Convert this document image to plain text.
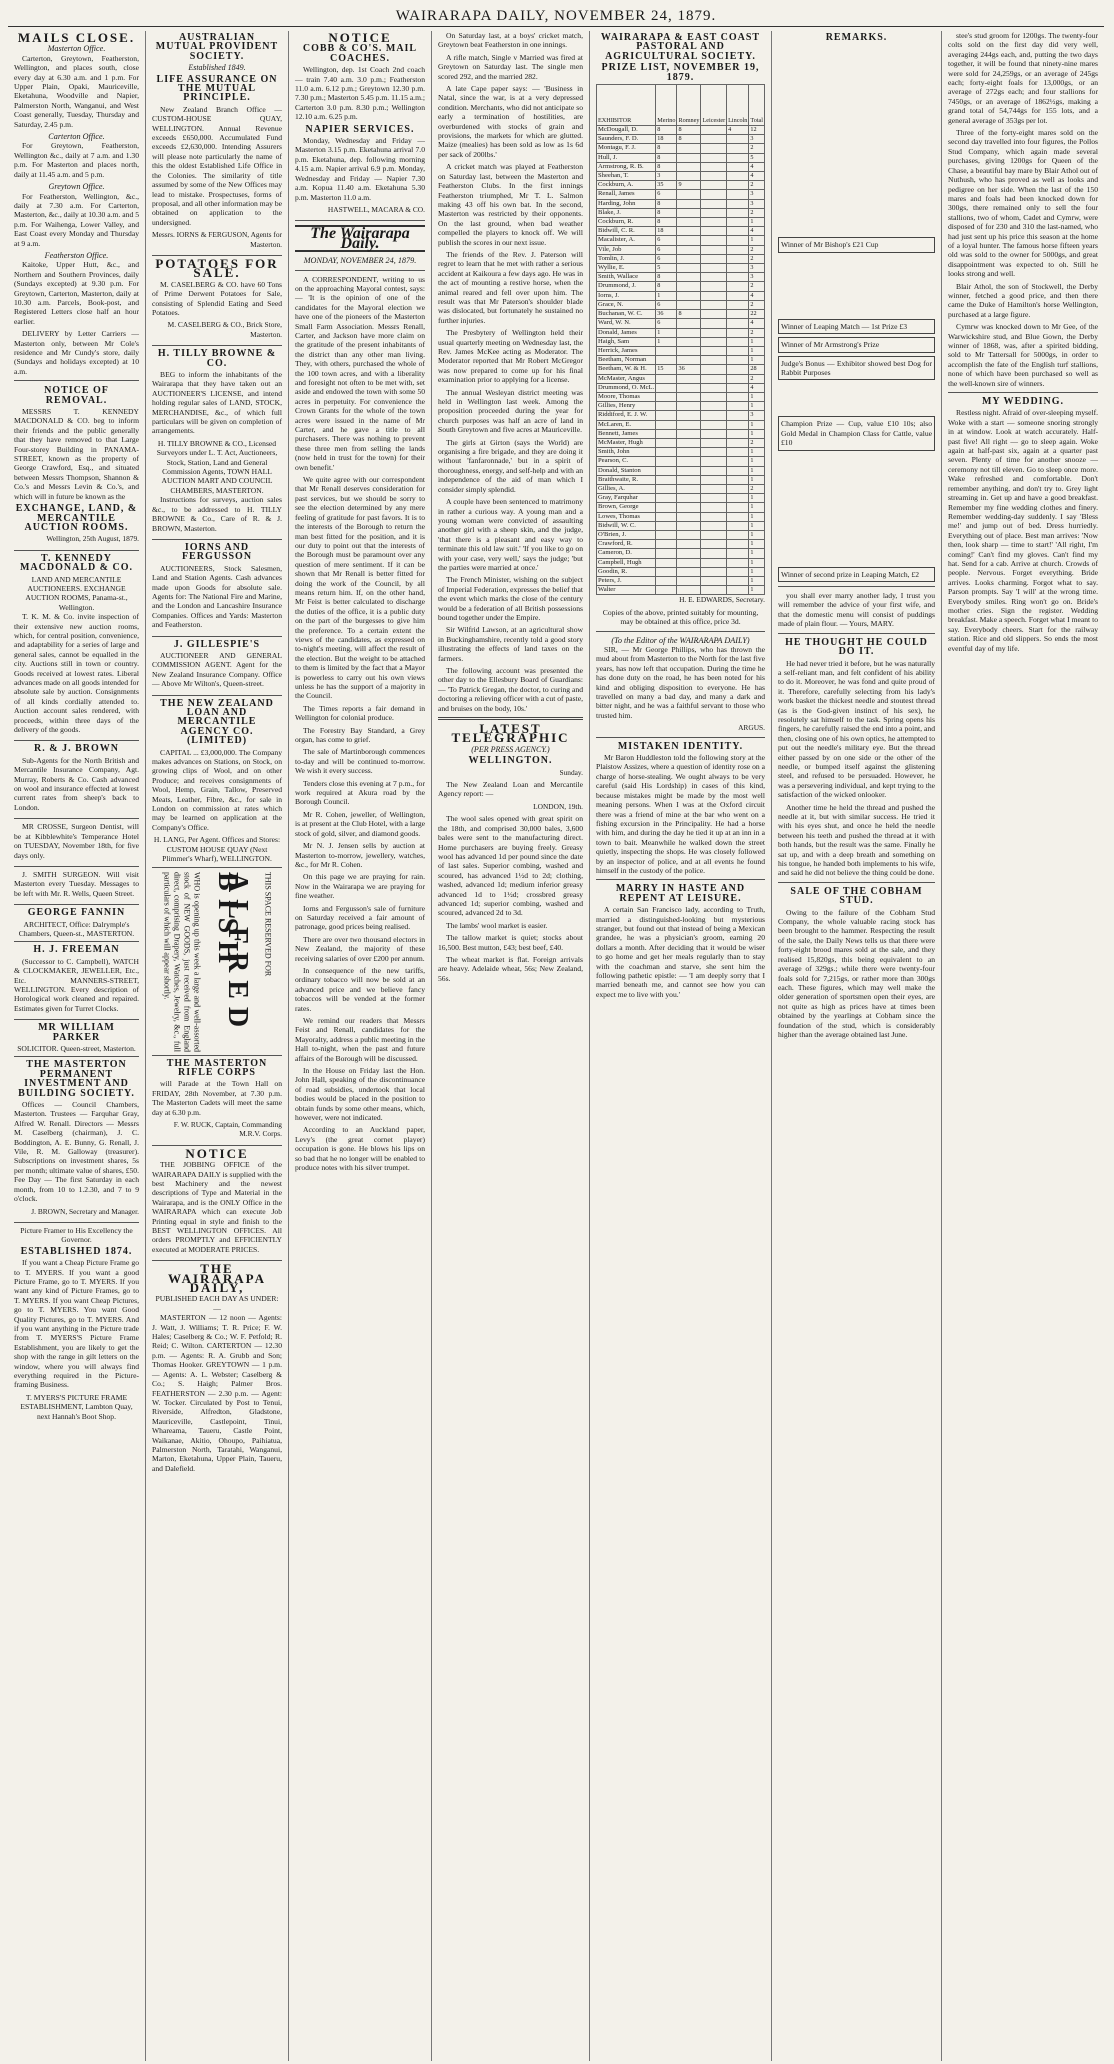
WAIRARAPA DAILY, NOVEMBER 24, 1879.
MAILS CLOSE.
Masterton Office.

Carterton, Greytown, Featherston, Wellington, and places south, close every day at 6.30 a.m. and 1 p.m. For Upper Plain, Opaki, Mauriceville, Eketahuna, Woodville and Napier, Palmerston North, Wanganui, and West Coast generally, Tuesday, Thursday and Saturday, 2.45 p.m.

Carterton Office.

For Greytown, Featherston, Wellington &c., daily at 7 a.m. and 1.30 p.m. For Masterton and places north, daily at 11.45 a.m. and 5 p.m.

Greytown Office.

For Featherston, Wellington, &c., daily at 7.30 a.m. For Carterton, Masterton, &c., daily at 10.30 a.m. and 5 p.m. For Waihenga, Lower Valley, and East Coast every Monday and Thursday at 9 a.m.

Featherston Office.

Kaitoke, Upper Hutt, &c., and Northern and Southern Provinces, daily (Sundays excepted) at 9.30 p.m. For Greytown, Carterton, Masterton, daily at 10.30 a.m. Parcels, Book-post, and Registered Letters close half an hour earlier.

DELIVERY by Letter Carriers — Masterton only, between Mr Cole's residence and Mr Cundy's store, daily (Sundays and holidays excepted) at 10 a.m.

NOTICE OF REMOVAL.

MESSRS T. KENNEDY MACDONALD & CO. beg to inform their friends and the public generally that they have removed to that Large Four-storey Building in PANAMA-STREET, known as the property of George Crawford, Esq., and situated between Messrs Thompson, Shannon & Co.'s and Messrs Levin & Co.'s, and which will in future be known as the

EXCHANGE, LAND, & MERCANTILE AUCTION ROOMS.
Wellington, 25th August, 1879.
T. KENNEDY MACDONALD & CO.
LAND AND MERCANTILE AUCTIONEERS. EXCHANGE AUCTION ROOMS, Panama-st., Wellington.

T. K. M. & Co. invite inspection of their extensive new auction rooms, which, for central position, convenience, and adaptability for a series of large and general sales, cannot be equalled in the city. Auctions still in town or country. Goods received at lowest rates. Liberal advances made on all goods intended for absolute sale by auction. Consignments of all kinds cordially attended to. Auction account sales rendered, with proceeds, within three days of the delivery of the goods.

R. & J. BROWN

Sub-Agents for the North British and Mercantile Insurance Company, Agt. Murray, Roberts & Co. Cash advanced on wool and insurance effected at lowest current rates from sheep's back to London.

MR CROSSE, Surgeon Dentist, will be at Kibblewhite's Temperance Hotel on TUESDAY, November 18th, for five days only.

J. SMITH SURGEON. Will visit Masterton every Tuesday. Messages to be left with Mr. R. Wells, Queen Street.

GEORGE FANNIN
ARCHITECT, Office: Dalrymple's Chambers, Queen-st., MASTERTON.
H. J. FREEMAN

(Successor to C. Campbell), WATCH & CLOCKMAKER, JEWELLER, Etc., Etc. MANNERS-STREET, WELLINGTON. Every description of Horological work cleaned and repaired. Estimates given for Turret Clocks.

MR WILLIAM PARKER
SOLICITOR. Queen-street, Masterton.
THE MASTERTON PERMANENT INVESTMENT AND BUILDING SOCIETY.

Offices — Council Chambers, Masterton. Trustees — Farquhar Gray, Alfred W. Renall. Directors — Messrs M. Caselberg (chairman), J. C. Boddington, A. E. Bunny, G. Renall, J. Vile, R. M. Galloway (treasurer). Subscriptions on investment shares, 5s per month; ultimate value of shares, £50. Fee Day — The first Saturday in each month, from 10 to 1.2.30, and 7 to 9 o'clock.

J. BROWN, Secretary and Manager.
Picture Framer to His Excellency the Governor.
ESTABLISHED 1874.

If you want a Cheap Picture Frame go to T. MYERS. If you want a good Picture Frame, go to T. MYERS. If you want any kind of Picture Frames, go to T. MYERS. If you want Cheap Pictures, go to T. MYERS. You want Good Quality Pictures, go to T. MYERS. And if you want anything in the Picture trade from T. MYERS'S Picture Frame Establishment, you are likely to get the shop with the range in gilt letters on the window, where you will always find everything required in the Picture-framing Business.

T. MYERS'S PICTURE FRAME ESTABLISHMENT, Lambton Quay, next Hannah's Boot Shop.
AUSTRALIAN MUTUAL PROVIDENT SOCIETY.
Established 1849.
LIFE ASSURANCE ON THE MUTUAL PRINCIPLE.

New Zealand Branch Office — CUSTOM-HOUSE QUAY, WELLINGTON. Annual Revenue exceeds £650,000. Accumulated Fund exceeds £2,630,000. Intending Assurers will please note particularly the name of this the oldest Established Life Office in the Colonies. The similarity of title assumed by some of the New Offices may lead to mistake. Prospectuses, forms of proposal, and all other information may be obtained on application to the undersigned.

Messrs. IORNS & FERGUSON, Agents for Masterton.
POTATOES FOR SALE.

M. CASELBERG & CO. have 60 Tons of Prime Derwent Potatoes for Sale, consisting of Splendid Eating and Seed Potatoes.

M. CASELBERG & CO., Brick Store, Masterton.
H. TILLY BROWNE & CO.

BEG to inform the inhabitants of the Wairarapa that they have taken out an AUCTIONEER'S LICENSE, and intend holding regular sales of LAND, STOCK, MERCHANDISE, &c., of which full particulars will be given on completion of arrangements.

H. TILLY BROWNE & CO., Licensed Surveyors under L. T. Act, Auctioneers, Stock, Station, Land and General Commission Agents, TOWN HALL AUCTION MART AND COUNCIL CHAMBERS, MASTERTON.

Instructions for surveys, auction sales &c., to be addressed to H. TILLY BROWNE & Co., Care of R. & J. BROWN, Masterton.

IORNS AND FERGUSSON

AUCTIONEERS, Stock Salesmen, Land and Station Agents. Cash advances made upon Goods for absolute sale. Agents for: The National Fire and Marine, and the London and Lancashire Insurance Companies. Offices and Yards: Masterton and Featherston.

J. GILLESPIE'S

AUCTIONEER AND GENERAL COMMISSION AGENT. Agent for the New Zealand Insurance Company. Office — Above Mr Wilton's, Queen-street.

THE NEW ZEALAND LOAN AND MERCANTILE AGENCY CO. (LIMITED)

CAPITAL ... £3,000,000. The Company makes advances on Stations, on Stock, on growing clips of Wool, and on other Produce; and receives consignments of Wool, Hemp, Grain, Tallow, Preserved Meats, Leather, Fibre, &c., for sale in London on commission at rates which may be learned on application at the Company's Office.

H. LANG, Per Agent. Offices and Stores: CUSTOM HOUSE QUAY (Next Plimmer's Wharf), WELLINGTON.
WHO is opening up this week a large and well-assorted stock of NEW GOODS, just received from England direct, comprising Drapery, Watches, Jewelry, &c., full particulars of which will appear shortly.	ALFRED BISH	THIS SPACE RESERVED FOR
THE MASTERTON RIFLE CORPS

will Parade at the Town Hall on FRIDAY, 28th November, at 7.30 p.m. The Masterton Cadets will meet the same day at 6.30 p.m.

F. W. RUCK, Captain, Commanding M.R.V. Corps.
NOTICE

THE JOBBING OFFICE of the WAIRARAPA DAILY is supplied with the best Machinery and the newest descriptions of Type and Material in the Wairarapa, and is the ONLY Office in the WAIRARAPA which can execute Job Printing equal in style and finish to the BEST WELLINGTON OFFICES. All orders PROMPTLY and EFFICIENTLY executed at MODERATE PRICES.

THE WAIRARAPA DAILY,
PUBLISHED EACH DAY AS UNDER: —

MASTERTON — 12 noon — Agents: J. Watt, J. Williams; T. R. Price; F. W. Hales; Caselberg & Co.; W. F. Petfold; R. Reid; C. Wilton. CARTERTON — 12.30 p.m. — Agents: R. A. Grubb and Son; Thomas Hooker. GREYTOWN — 1 p.m. — Agents: A. L. Webster; Caselberg & Co.; S. Haigh; Palmer Bros. FEATHERSTON — 2.30 p.m. — Agent: W. Tocker. Circulated by Post to Tenui, Riverside, Alfredton, Gladstone, Mauriceville, Castlepoint, Tinui, Whareama, Taueru, Castle Point, Waikanae, Akitio, Ohoupo, Paihiatua, Palmerston North, Taratahi, Wanganui, Marton, Eketahuna, Upper Plain, Taueru, and Dalefield.

NOTICE
COBB & CO'S. MAIL COACHES.

Wellington, dep. 1st Coach 2nd coach — train 7.40 a.m. 3.0 p.m.; Featherston 11.0 a.m. 6.12 p.m.; Greytown 12.30 p.m. 7.30 p.m.; Masterton 5.45 p.m. 11.15 a.m.; Carterton 3.0 p.m. 8.30 p.m.; Wellington 12.10 a.m. 6.25 p.m.

NAPIER SERVICES.

Monday, Wednesday and Friday — Masterton 3.15 p.m. Eketahuna arrival 7.0 p.m. Eketahuna, dep. following morning 4.15 a.m. Napier arrival 6.9 p.m. Monday, Wednesday and Friday — Napier 7.30 a.m. Kopua 11.40 a.m. Eketahuna 5.30 p.m. Masterton 11.0 a.m.

HASTWELL, MACARA & CO.
The Wairarapa Daily.
MONDAY, NOVEMBER 24, 1879.

A CORRESPONDENT, writing to us on the approaching Mayoral contest, says: — 'It is the opinion of one of the candidates for the Mayoral election we have one of the pioneers of the Masterton Small Farm Association. Messrs Renall, Carter, and Jackson have more claim on the gratitude of the present inhabitants of the district than any other man living. They, with others, purchased the whole of the 100 town acres, and with a liberality and foresight not often to be met with, set aside and endowed the town with some 50 acres in perpetuity. For convenience the Crown Grants for the whole of the town acres were issued in the name of Mr Carter, and he gave a title to all purchasers. There was nothing to prevent these three men from selling the lands (now held in trust for the town) for their own benefit.'

We quite agree with our correspondent that Mr Renall deserves consideration for past services, but we should be sorry to see the election determined by any mere feeling of gratitude for past favors. It is to the interests of the Borough to return the man best fitted for the position, and it is our duty to point out that the interests of the Borough must be paramount over any question of mere sentiment. If it can be shown that Mr Renall is better fitted for doing the work of the Council, by all means return him. If, on the other hand, Mr Feist is better calculated to discharge the duties of the office, it is a public duty on the part of the burgesses to give him the preference. To a certain extent the views of the candidates, as expressed on to-night's meeting, will affect the result of the election. But the weight to be attached to them is limited by the fact that a Mayor is powerless to carry out his own views unless he has the support of a majority in the Council.

The Times reports a fair demand in Wellington for colonial produce.

The Forestry Bay Standard, a Grey organ, has come to grief.

The sale of Martinborough commences to-day and will be continued to-morrow. We wish it every success.

Tenders close this evening at 7 p.m., for work required at Akura road by the Borough Council.

Mr R. Cohen, jeweller, of Wellington, is at present at the Club Hotel, with a large stock of gold, silver, and diamond goods.

Mr N. J. Jensen sells by auction at Masterton to-morrow, jewellery, watches, &c., for Mr R. Cohen.

On this page we are praying for rain. Now in the Wairarapa we are praying for fine weather.

Iorns and Fergusson's sale of furniture on Saturday received a fair amount of patronage, good prices being realised.

There are over two thousand electors in New Zealand, the majority of these receiving salaries of over £200 per annum.

In consequence of the new tariffs, ordinary tobacco will now be sold at an advanced price and we believe fancy tobaccos will be vended at the former rates.

We remind our readers that Messrs Feist and Renall, candidates for the Mayoralty, address a public meeting in the Hall to-night, when the past and future affairs of the Borough will be discussed.

In the House on Friday last the Hon. John Hall, speaking of the discontinuance of road subsidies, undertook that local bodies would be placed in the position to obtain funds by some other means, which, however, were not indicated.

According to an Auckland paper, Levy's (the great cornet player) occupation is gone. He blows his lips on so bad that he no longer will be enabled to produce notes with his silver trumpet.

On Saturday last, at a boys' cricket match, Greytown beat Featherston in one innings.

A rifle match, Single v Married was fired at Greytown on Saturday last. The single men scored 292, and the married 282.

A late Cape paper says: — 'Business in Natal, since the war, is at a very depressed condition. Merchants, who did not anticipate so early a termination of hostilities, are overburdened with stocks of grain and provisions, the markets for which are glutted. Maize (mealies) has been sold as low as 1s 6d per sack of 200lbs.'

A cricket match was played at Featherston on Saturday last, between the Masterton and Featherston Clubs. In the first innings Featherston triumphed, Mr T. L. Salmon making 43 off his own bat. In the second, Masterton was restricted by their opponents. On the last ground, when bad weather compelled the players to knock off. We will publish the scores in our next issue.

The friends of the Rev. J. Paterson will regret to learn that he met with rather a serious accident at Kaikoura a few days ago. He was in the act of mounting a restive horse, when the animal reared and fell over upon him. The result was that Mr Paterson's shoulder blade was dislocated, but fortunately he sustained no further injuries.

The Presbytery of Wellington held their usual quarterly meeting on Wednesday last, the Rev. James McKee acting as Moderator. The Moderator reported that Mr Robert McGregor was now prepared to come up for his final examination prior to applying for a license.

The annual Wesleyan district meeting was held in Wellington last week. Among the proposition proceeded during the year for church purposes was half an acre of land in South Greytown and five acres at Mauriceville.

The girls at Girton (says the World) are organising a fire brigade, and they are doing it without 'fanfaronnade,' but in a spirit of thoroughness, energy, and self-help and with an independence of the aid of man which I consider simply splendid.

A couple have been sentenced to matrimony in rather a curious way. A young man and a young woman were convicted of assaulting another girl with a sheep skin, and the judge, 'that there is a pleasant and easy way to terminate this old law suit.' 'If you like to go on with your case, very well,' says the judge; 'but the parties were married at once.'

The French Minister, wishing on the subject of Imperial Federation, expresses the belief that the event which marks the close of the century would be a federation of all British possessions bound together under the Empire.

Sir Wilfrid Lawson, at an agricultural show in Buckinghamshire, recently told a good story illustrating the effects of land taxes on the farmers.

The following account was presented the other day to the Ellesbury Board of Guardians: — 'To Patrick Gregan, the doctor, to curing and doctoring a relieving officer with a cut of paste, and bruises on the body, 10s.'

LATEST TELEGRAPHIC
(PER PRESS AGENCY.)
WELLINGTON.
Sunday.

The New Zealand Loan and Mercantile Agency report: —

LONDON, 19th.

The wool sales opened with great spirit on the 18th, and comprised 30,000 bales, 3,600 bales were sent to the manufacturing direct. Home purchasers are buying freely. Greasy wool has advanced 1d per pound since the date of last sales. Superior combing, washed and scoured, has advanced 1½d to 2d; clothing, washed, advanced 1d; medium inferior greasy advanced 1d to 1½d; crossbred greasy advanced 1d; superior combing, washed and scoured, advanced 2d to 3d.

The lambs' wool market is easier.

The tallow market is quiet; stocks about 16,500. Best mutton, £43; best beef, £40.

The wheat market is flat. Foreign arrivals are heavy. Adelaide wheat, 56s; New Zealand, 56s.

WAIRARAPA & EAST COAST PASTORAL AND AGRICULTURAL SOCIETY.
PRIZE LIST, NOVEMBER 19, 1879.
EXHIBITOR	Merino	Romney	Leicester	Lincoln	Total
McDougall, D.	8	8		4	12
Saunders, F. D.	18	8			3
Montagu, F. J.	8				2
Hull, J.	8				5
Armstrong, R. B.	8				4
Sheehan, T.	3				4
Cockburn, A.	35	9			2
Renall, James	6				3
Harding, John	8				3
Blake, J.	8				2
Cockburn, R.	8				1
Bidwill, C. R.	18				4
Macalister, A.	6				1
Vile, Job	6				2
Tomlin, J.	6				2
Wyllie, E.	5				3
Smith, Wallace	8				3
Drummond, J.	8				2
Iorns, J.	1				4
Grace, N.	6				2
Buchanan, W. C.	36	8			22
Ward, W. N.	6				4
Donald, James	1				2
Haigh, Sam	1				1
Herrick, James					1
Beetham, Norman					1
Beetham, W. & H.	15	36			28
McMaster, Angus					2
Drummond, O. McL.					4
Moore, Thomas					1
Gillies, Henry					1
Riddiford, E. J. W.					3
McLaren, E.					1
Bennett, James					1
McMaster, Hugh					2
Smith, John					1
Pearson, C.					1
Donald, Stanton					1
Braithwaite, R.					1
Gillies, A.					2
Gray, Farquhar					1
Brown, George					1
Lowes, Thomas					1
Bidwill, W. C.					1
O'Brien, J.					1
Crawford, R.					1
Cameron, D.					1
Campbell, Hugh					1
Goodin, R.					1
Peters, J.					1
Walter					1
H. E. EDWARDS, Secretary.
Copies of the above, printed suitably for mounting, may be obtained at this office, price 3d.
(To the Editor of the WAIRARAPA DAILY)

SIR, — Mr George Phillips, who has thrown the mud about from Masterton to the North for the last five years, has now left that occupation. During the time he has done duty on the road, he has been noted for his kind and obliging disposition to everyone. He has travelled on many a bad day, and many a dark and bitter night, and he was a faithful servant to those who trusted him.

ARGUS.
MISTAKEN IDENTITY.

Mr Baron Huddleston told the following story at the Plaistow Assizes, where a question of identity rose on a charge of horse-stealing. We ought always to be very careful (said His Lordship) in cases of this kind, because mistakes might be made by the most well meaning persons. When I was at the Oxford circuit there was a friend of mine at the bar who went on a fishing excursion in the Principality. He had a horse with him, and during the day he tied it up at an inn in a town to bait. Meanwhile he walked down the street quietly, inspecting the shops. He was closely followed by an inspector of police, and at all events he found himself in the custody of the police.

MARRY IN HASTE AND REPENT AT LEISURE.

A certain San Francisco lady, according to Truth, married a distinguished-looking but mysterious stranger, but found out that instead of being a Mexican grandee, he was a physician's groom, earning 20 dollars a month. After deciding that it would be wiser to go home and get her meals regularly than to stay with the coachman and starve, she sent him the following pathetic epistle: — 'I am deeply sorry that I married beneath me, and cannot see how you can expect me to live with you.'

REMARKS.
Winner of Mr Bishop's £21 Cup
Winner of Leaping Match — 1st Prize £3
Winner of Mr Armstrong's Prize
Judge's Bonus — Exhibitor showed best Dog for Rabbit Purposes
Champion Prize — Cup, value £10 10s; also Gold Medal in Champion Class for Cattle, value £10
Winner of second prize in Leaping Match, £2

you shall ever marry another lady, I trust you will remember the advice of your first wife, and that the domestic menu will consist of puddings made of plain flour. — Yours, MARY.

HE THOUGHT HE COULD DO IT.

He had never tried it before, but he was naturally a self-reliant man, and felt confident of his ability to do it. Moreover, he was fond and quite proud of it. Therefore, carefully selecting from his lady's work basket the thickest needle and stoutest thread (as is the God-given instinct of his sex), he resolutely sat himself to the task. Spring opens his fingers, he carefully raised the end into a point, and then, closing one of his own optics, he attempted to put out the needle's military eye. But the thread either passed by on one side or the other of the needle, or bumped itself against the glistening steel, and refused to be persuaded. However, he was a persevering individual, and kept trying to the satisfaction of the wicked onlooker.

Another time he held the thread and pushed the needle at it, but with similar success. He tried it with his eyes shut, and once he held the needle between his teeth and pushed the thread at it with both hands, but the result was the same. Finally he sat up, and with a deep breath and something on his tongue, he handed both implements to his wife, and said he did not believe the thing could be done.

SALE OF THE COBHAM STUD.

Owing to the failure of the Cobham Stud Company, the whole valuable racing stock has been brought to the hammer. Respecting the result of the sale, the Daily News tells us that there were forty-eight brood mares sold at the sale, and they realised 15,820gs, this being equivalent to an average of 329gs.; while there were twenty-four foals sold for 7,215gs, or rather more than 300gs each. These figures, which may well make the older generation of sportsmen open their eyes, are not quite as high as prices have at times been obtained by the yearlings at Cobham since the foundation of the stud, which is considerably higher than the average obtained last June.

stee's stud groom for 1200gs. The twenty-four colts sold on the first day did very well, averaging 244gs each, and, putting the two days together, it will be found that ninety-nine mares were sold for 24,259gs, or an average of 245gs each; forty-eight foals for 13,000gs, or an average of 272gs each; and four stallions for 7450gs, or an average of 1862½gs, making a grand total of 54,744gs for 155 lots, and a general average of 353gs per lot.

Three of the forty-eight mares sold on the second day travelled into four figures, the Pollos Stud Company, which again made several purchases, giving 1200gs for Queen of the Chase, a beautiful bay mare by Blair Athol out of Nuthush, who has proved as well as looks and pedigree on her side. When the last of the 150 mares and foals had been knocked down for 300gs, there remained only to sell the four stallions, two of whom, Cadet and Cymrw, were disposed of for 230 and 310 the last-named, who had just sent up his price this season at the home of a loyal hunter. The famous horse fifteen years old was sold to the owner for 5000gs, and great disappointment was expected to oh. Still he looks strong and well.

Blair Athol, the son of Stockwell, the Derby winner, fetched a good price, and then there came the Duke of Hamilton's horse Wellington, purchased at a large figure.

Cymrw was knocked down to Mr Gee, of the Warwickshire stud, and Blue Gown, the Derby winner of 1868, was, after a spirited bidding, sold to Mr Tattersall for 5000gs, in order to accomplish the fate of the English turf stallions, none of which have been purchased so well as the well-known sire of winners.

MY WEDDING.

Restless night. Afraid of over-sleeping myself. Woke with a start — someone snoring strongly in at window. Look at watch accurately. Half-past five! All right — go to sleep again. Woke again at half-past six, again at a quarter past seven. Plenty of time for another snooze — ceremony not till eleven. Go to sleep once more. Wake refreshed and comfortable. Don't remember anything, and don't try to. Grey light streaming in. Get up and have a good breakfast. Remember my fine wedding clothes and finery. Remember wedding-day suddenly. I say 'Bless me!' and jump out of bed. Dress hurriedly. Everything out of place. Best man arrives: 'Now then, look sharp — time to start!' 'All right, I'm coming!' Can't find my gloves. Can't find my hat. Send for a cab. Arrive at church. Crowds of people. Nervous. Forget everything. Bride arrives. Looks charming. Forgot what to say. Parson prompts. Say 'I will' at the wrong time. Everybody smiles. Ring won't go on. Bride's mother cries. Sign the register. Wedding breakfast. Make a speech. Forget what I meant to say. Everybody cheers. Start for the railway station. Rice and old slippers. So ends the most eventful day of my life.
